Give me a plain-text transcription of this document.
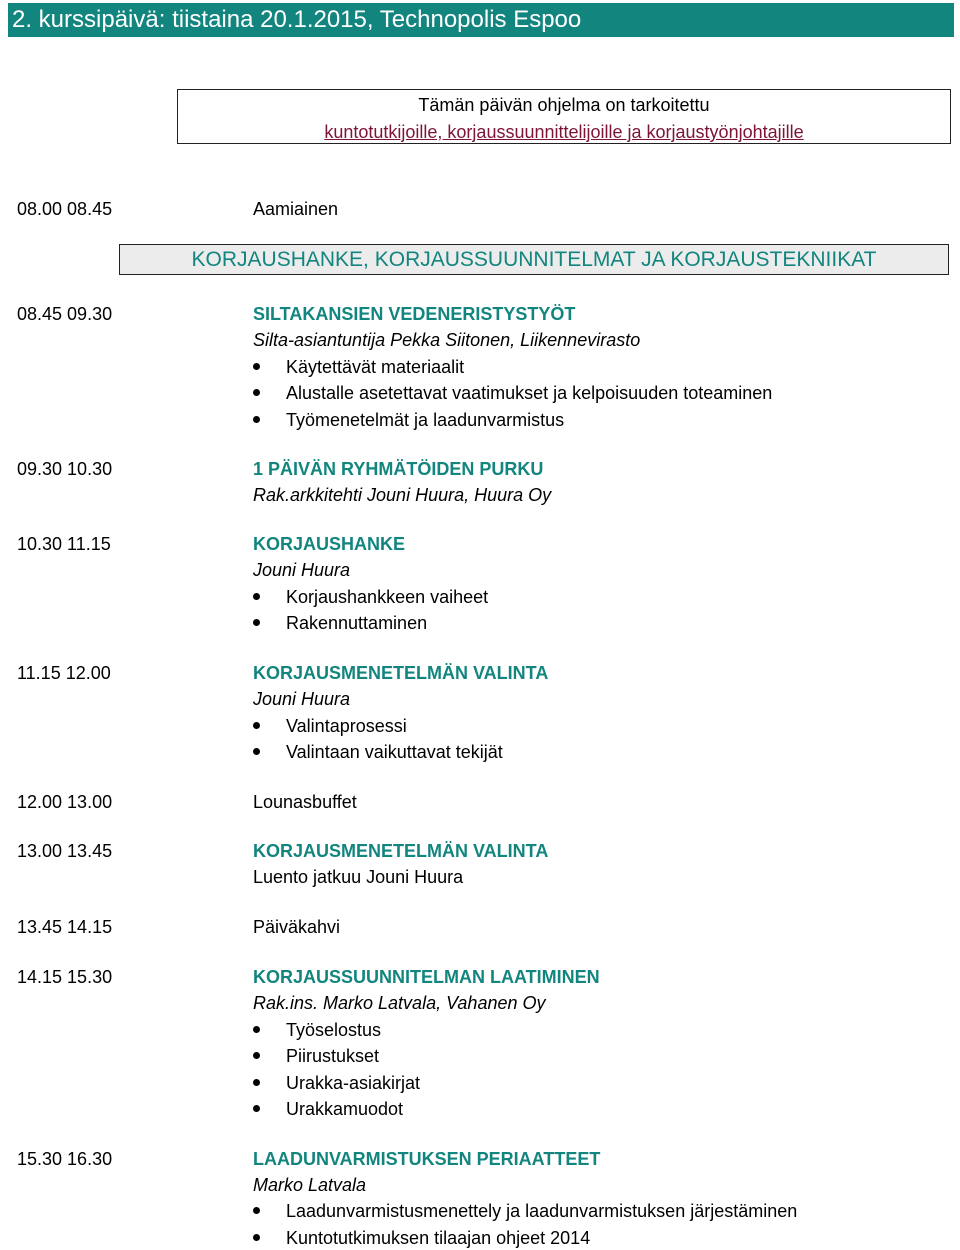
2. kurssipäivä: tiistaina 20.1.2015, Technopolis Espoo
Tämän päivän ohjelma on tarkoitettu
kuntotutkijoille, korjaussuunnittelijoille ja korjaustyönjohtajille
08.00 08.45	Aamiainen
KORJAUSHANKE, KORJAUSSUUNNITELMAT JA KORJAUSTEKNIIKAT
08.45 09.30	SILTAKANSIEN VEDENERISTYSTYÖT
Silta-asiantuntija Pekka Siitonen, Liikennevirasto
Käytettävät materiaalit
Alustalle asetettavat vaatimukset ja kelpoisuuden toteaminen
Työmenetelmät ja laadunvarmistus
09.30 10.30	1 PÄIVÄN RYHMÄTÖIDEN PURKU
Rak.arkkitehti Jouni Huura, Huura Oy
10.30 11.15	KORJAUSHANKE
Jouni Huura
Korjaushankkeen vaiheet
Rakennuttaminen
11.15 12.00	KORJAUSMENETELMÄN VALINTA
Jouni Huura
Valintaprosessi
Valintaan vaikuttavat tekijät
12.00 13.00	Lounasbuffet
13.00 13.45	KORJAUSMENETELMÄN VALINTA
Luento jatkuu Jouni Huura
13.45 14.15	Päiväkahvi
14.15 15.30	KORJAUSSUUNNITELMAN LAATIMINEN
Rak.ins. Marko Latvala, Vahanen Oy
Työselostus
Piirustukset
Urakka-asiakirjat
Urakkamuodot
15.30 16.30	LAADUNVARMISTUKSEN PERIAATTEET
Marko Latvala
Laadunvarmistusmenettely ja laadunvarmistuksen järjestäminen
Kuntotutkimuksen tilaajan ohjeet 2014
